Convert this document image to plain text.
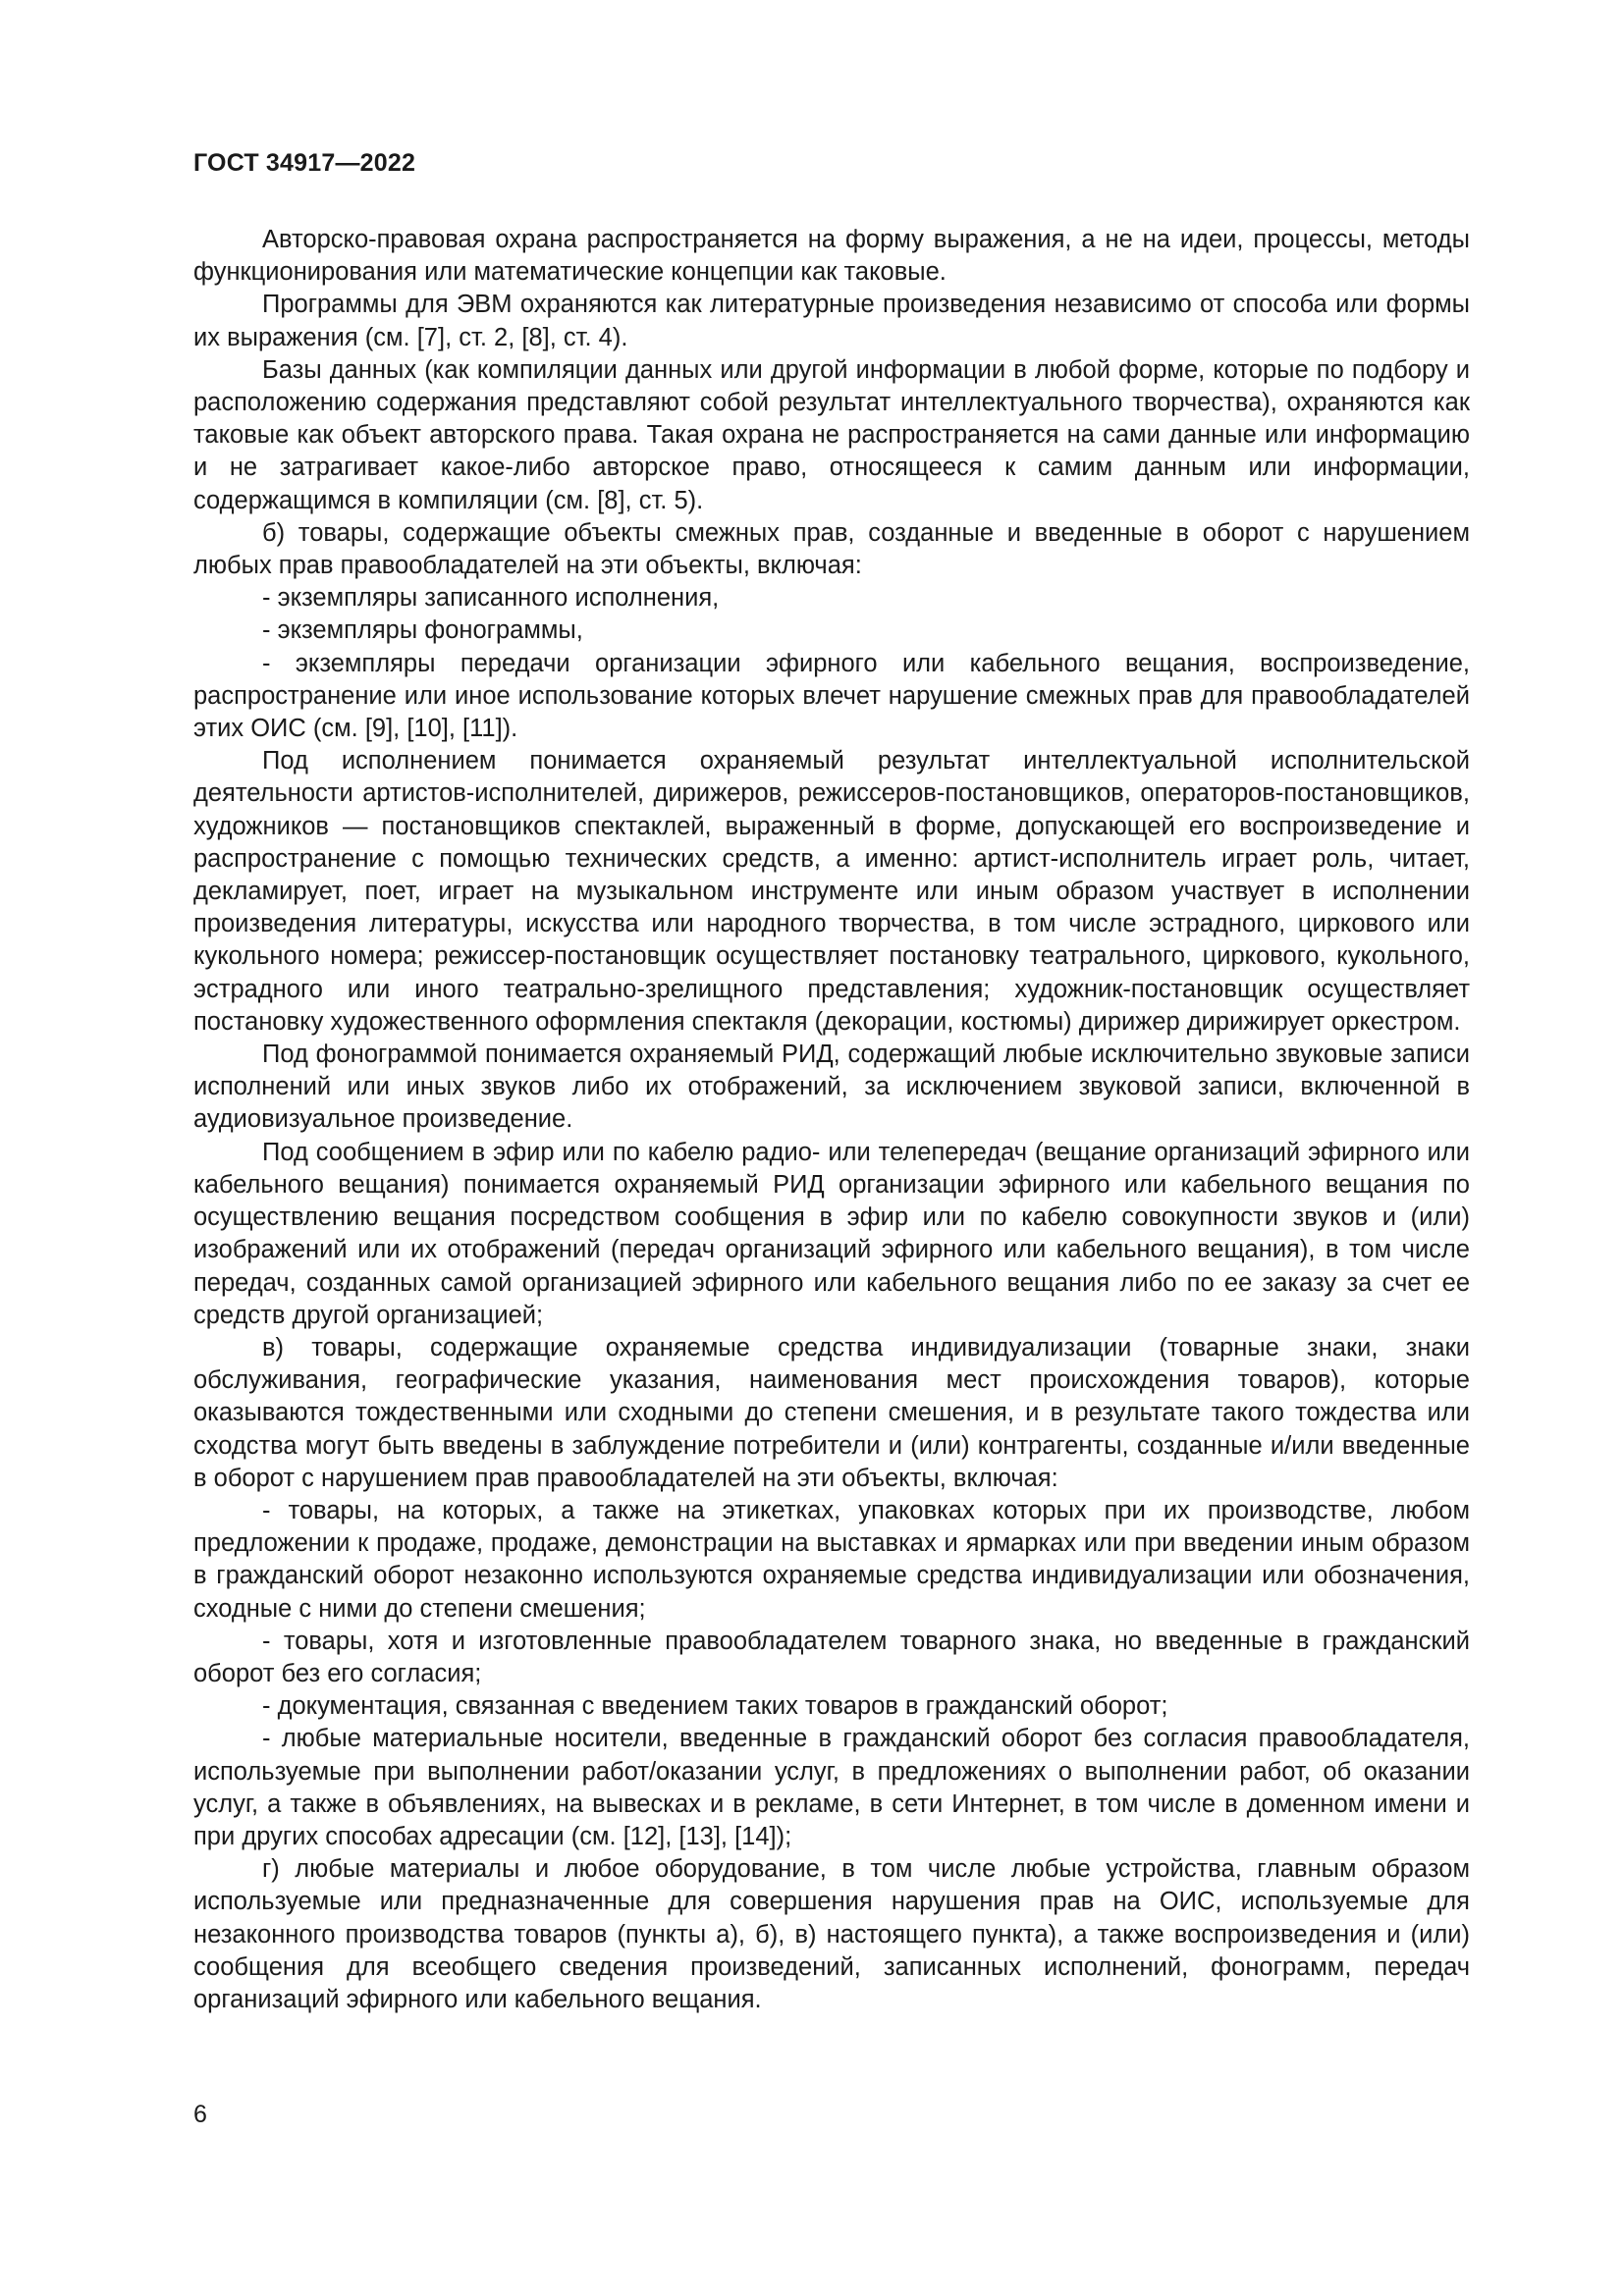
ГОСТ 34917—2022

Авторско-правовая охрана распространяется на форму выражения, а не на идеи, процессы, методы функционирования или математические концепции как таковые.

Программы для ЭВМ охраняются как литературные произведения независимо от способа или формы их выражения (см. [7], ст. 2, [8], ст. 4).

Базы данных (как компиляции данных или другой информации в любой форме, которые по подбору и расположению содержания представляют собой результат интеллектуального творчества), охраняются как таковые как объект авторского права. Такая охрана не распространяется на сами данные или информацию и не затрагивает какое-либо авторское право, относящееся к самим данным или информации, содержащимся в компиляции (см. [8], ст. 5).

б) товары, содержащие объекты смежных прав, созданные и введенные в оборот с нарушением любых прав правообладателей на эти объекты, включая:

- экземпляры записанного исполнения,

- экземпляры фонограммы,

- экземпляры передачи организации эфирного или кабельного вещания, воспроизведение, распространение или иное использование которых влечет нарушение смежных прав для правообладателей этих ОИС (см. [9], [10], [11]).

Под исполнением понимается охраняемый результат интеллектуальной исполнительской деятельности артистов-исполнителей, дирижеров, режиссеров-постановщиков, операторов-постановщиков, художников — постановщиков спектаклей, выраженный в форме, допускающей его воспроизведение и распространение с помощью технических средств, а именно: артист-исполнитель играет роль, читает, декламирует, поет, играет на музыкальном инструменте или иным образом участвует в исполнении произведения литературы, искусства или народного творчества, в том числе эстрадного, циркового или кукольного номера; режиссер-постановщик осуществляет постановку театрального, циркового, кукольного, эстрадного или иного театрально-зрелищного представления; художник-постановщик осуществляет постановку художественного оформления спектакля (декорации, костюмы) дирижер дирижирует оркестром.

Под фонограммой понимается охраняемый РИД, содержащий любые исключительно звуковые записи исполнений или иных звуков либо их отображений, за исключением звуковой записи, включенной в аудиовизуальное произведение.

Под сообщением в эфир или по кабелю радио- или телепередач (вещание организаций эфирного или кабельного вещания) понимается охраняемый РИД организации эфирного или кабельного вещания по осуществлению вещания посредством сообщения в эфир или по кабелю совокупности звуков и (или) изображений или их отображений (передач организаций эфирного или кабельного вещания), в том числе передач, созданных самой организацией эфирного или кабельного вещания либо по ее заказу за счет ее средств другой организацией;

в) товары, содержащие охраняемые средства индивидуализации (товарные знаки, знаки обслуживания, географические указания, наименования мест происхождения товаров), которые оказываются тождественными или сходными до степени смешения, и в результате такого тождества или сходства могут быть введены в заблуждение потребители и (или) контрагенты, созданные и/или введенные в оборот с нарушением прав правообладателей на эти объекты, включая:

- товары, на которых, а также на этикетках, упаковках которых при их производстве, любом предложении к продаже, продаже, демонстрации на выставках и ярмарках или при введении иным образом в гражданский оборот незаконно используются охраняемые средства индивидуализации или обозначения, сходные с ними до степени смешения;

- товары, хотя и изготовленные правообладателем товарного знака, но введенные в гражданский оборот без его согласия;

- документация, связанная с введением таких товаров в гражданский оборот;

- любые материальные носители, введенные в гражданский оборот без согласия правообладателя, используемые при выполнении работ/оказании услуг, в предложениях о выполнении работ, об оказании услуг, а также в объявлениях, на вывесках и в рекламе, в сети Интернет, в том числе в доменном имени и при других способах адресации (см. [12], [13], [14]);

г) любые материалы и любое оборудование, в том числе любые устройства, главным образом используемые или предназначенные для совершения нарушения прав на ОИС, используемые для незаконного производства товаров (пункты а), б), в) настоящего пункта), а также воспроизведения и (или) сообщения для всеобщего сведения произведений, записанных исполнений, фонограмм, передач организаций эфирного или кабельного вещания.

6
